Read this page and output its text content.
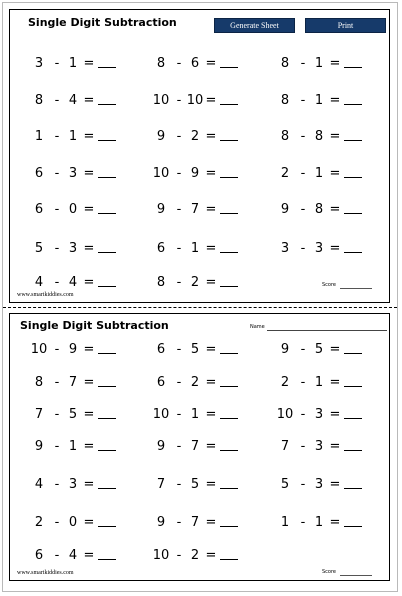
Single Digit Subtraction	Generate Sheet	Print
3 - 1 =	8 - 6 =	8 - 1 =
8 - 4 =	10 - 10 =	8 - 1 =
1 - 1 =	9 - 2 =	8 - 8 =
6 - 3 =	10 - 9 =	2 - 1 =
6 - 0 =	9 - 7 =	9 - 8 =
5 - 3 =	6 - 1 =	3 - 3 =
4 - 4 =	8 - 2 =
www.smartkiddies.com
Score
Single Digit Subtraction	Name
10 - 9 =	6 - 5 =	9 - 5 =
8 - 7 =	6 - 2 =	2 - 1 =
7 - 5 =	10 - 1 =	10 - 3 =
9 - 1 =	9 - 7 =	7 - 3 =
4 - 3 =	7 - 5 =	5 - 3 =
2 - 0 =	9 - 7 =	1 - 1 =
6 - 4 =	10 - 2 =
www.smartkiddies.com	Score
